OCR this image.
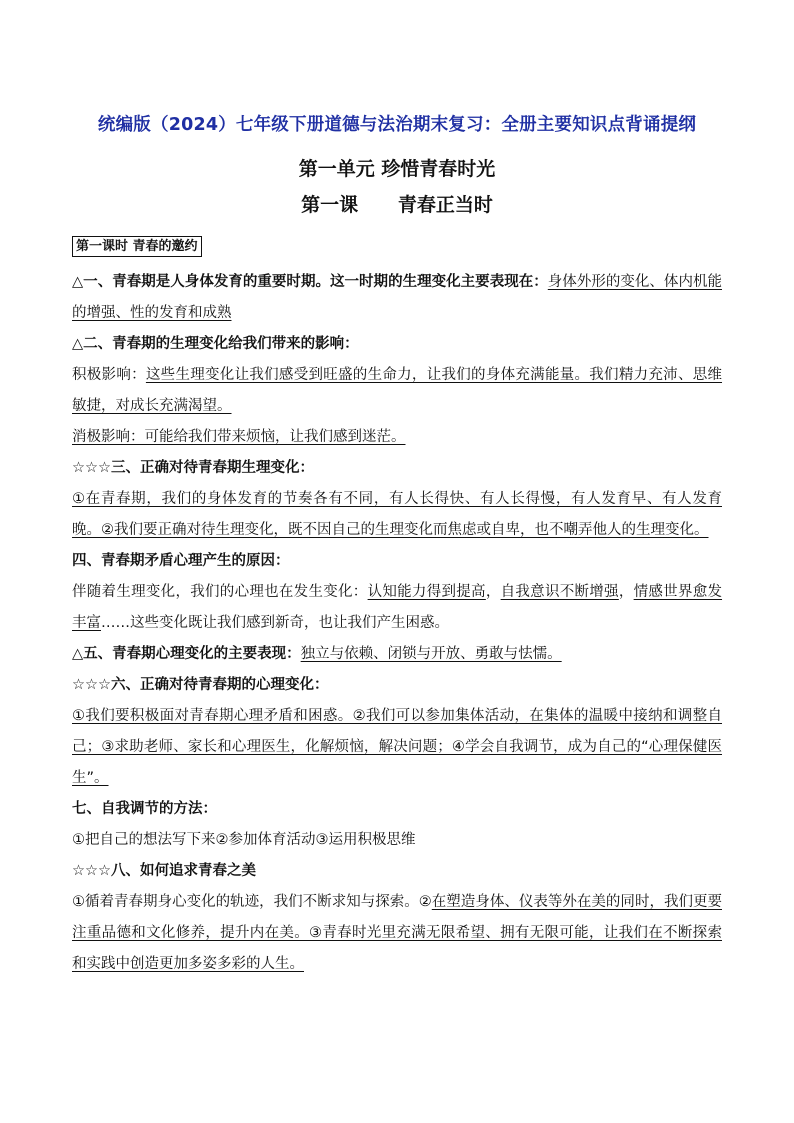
统编版（2024）七年级下册道德与法治期末复习：全册主要知识点背诵提纲
第一单元 珍惜青春时光
第一课      青春正当时
第一课时 青春的邀约

△一、青春期是人身体发育的重要时期。这一时期的生理变化主要表现在：身体外形的变化、体内机能的增强、性的发育和成熟

△二、青春期的生理变化给我们带来的影响：

积极影响：这些生理变化让我们感受到旺盛的生命力，让我们的身体充满能量。我们精力充沛、思维敏捷，对成长充满渴望。

消极影响：可能给我们带来烦恼，让我们感到迷茫。

☆☆☆三、正确对待青春期生理变化：

①在青春期，我们的身体发育的节奏各有不同，有人长得快、有人长得慢，有人发育早、有人发育晚。②我们要正确对待生理变化，既不因自己的生理变化而焦虑或自卑，也不嘲弄他人的生理变化。

四、青春期矛盾心理产生的原因：

伴随着生理变化，我们的心理也在发生变化：认知能力得到提高，自我意识不断增强，情感世界愈发丰富……这些变化既让我们感到新奇，也让我们产生困惑。

△五、青春期心理变化的主要表现：独立与依赖、闭锁与开放、勇敢与怯懦。

☆☆☆六、正确对待青春期的心理变化：

①我们要积极面对青春期心理矛盾和困惑。②我们可以参加集体活动，在集体的温暖中接纳和调整自己；③求助老师、家长和心理医生，化解烦恼，解决问题；④学会自我调节，成为自己的“心理保健医生”。

七、自我调节的方法：

①把自己的想法写下来②参加体育活动③运用积极思维

☆☆☆八、如何追求青春之美

①循着青春期身心变化的轨迹，我们不断求知与探索。②在塑造身体、仪表等外在美的同时，我们更要注重品德和文化修养，提升内在美。③青春时光里充满无限希望、拥有无限可能，让我们在不断探索和实践中创造更加多姿多彩的人生。
